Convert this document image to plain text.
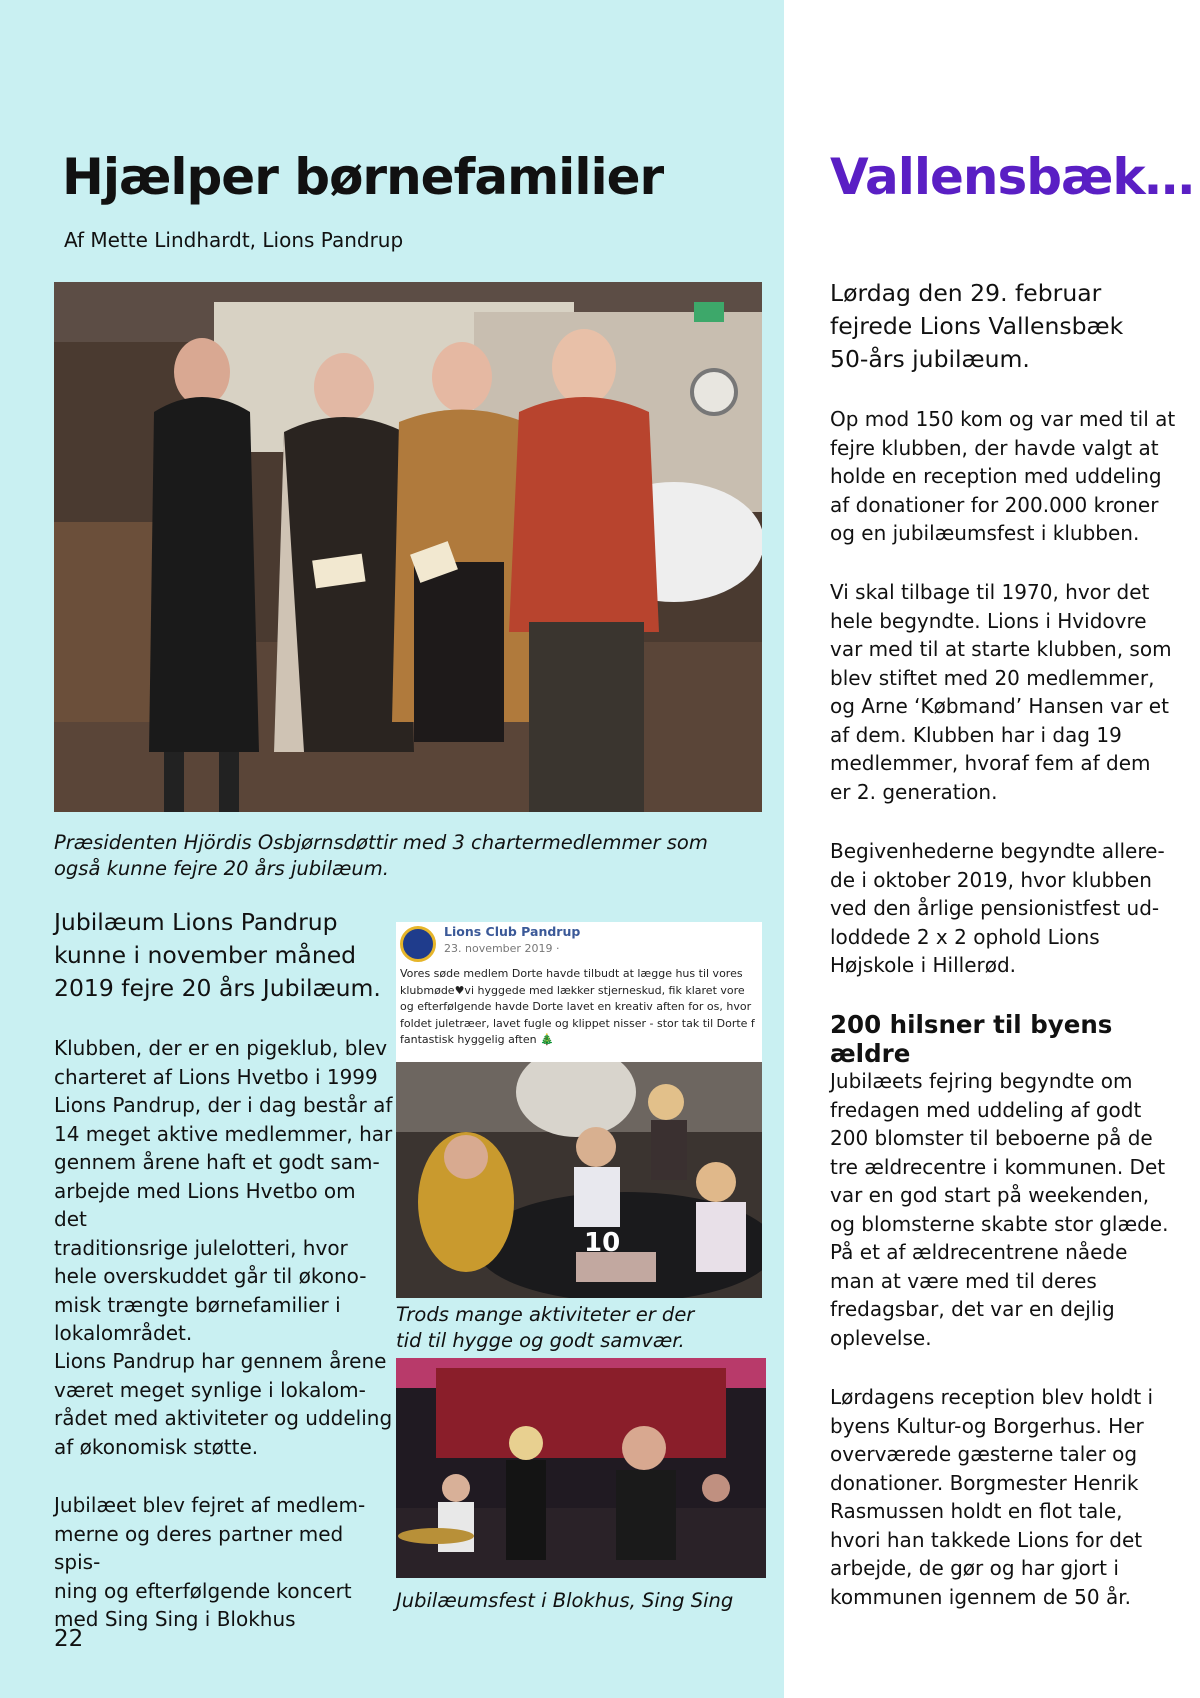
Hjælper børnefamilier
Af Mette Lindhardt, Lions Pandrup

Præsidenten Hjördis Osbjørnsdøttir med 3 chartermedlemmer som
også kunne fejre 20 års jubilæum.

Jubilæum Lions Pandrup
kunne i november måned
2019 fejre 20 års Jubilæum.

Klubben, der er en pigeklub, blev
charteret af Lions Hvetbo i 1999
Lions Pandrup, der i dag består af
14 meget aktive medlemmer, har
gennem årene haft et godt sam-
arbejde med Lions Hvetbo om det
traditionsrige julelotteri, hvor
hele overskuddet går til økono-
misk trængte børnefamilier i
lokalområdet.

Lions Pandrup har gennem årene
været meget synlige i lokalom-
rådet med aktiviteter og uddeling
af økonomisk støtte.

Jubilæet blev fejret af medlem-
merne og deres partner med spis-
ning og efterfølgende koncert
med Sing Sing i Blokhus

Lions Club Pandrup
23. november 2019 ·
Vores søde medlem Dorte havde tilbudt at lægge hus til vores
klubmøde♥vi hyggede med lækker stjerneskud, fik klaret vore
og efterfølgende havde Dorte lavet en kreativ aften for os, hvor
foldet juletræer, lavet fugle og klippet nisser - stor tak til Dorte f
fantastisk hyggelig aften 🎄
10

Trods mange aktiviteter er der
tid til hygge og godt samvær.

Jubilæumsfest i Blokhus, Sing Sing

22
Vallensbæk…

Lørdag den 29. februar
fejrede Lions Vallensbæk
50-års jubilæum.

Op mod 150 kom og var med til at
fejre klubben, der havde valgt at
holde en reception med uddeling
af donationer for 200.000 kroner
og en jubilæumsfest i klubben.

Vi skal tilbage til 1970, hvor det
hele begyndte. Lions i Hvidovre
var med til at starte klubben, som
blev stiftet med 20 medlemmer,
og Arne ‘Købmand’ Hansen var et
af dem. Klubben har i dag 19
medlemmer, hvoraf fem af dem
er 2. generation.

Begivenhederne begyndte allere-
de i oktober 2019, hvor klubben
ved den årlige pensionistfest ud-
loddede 2 x 2 ophold Lions
Højskole i Hillerød.

200 hilsner til byens ældre

Jubilæets fejring begyndte om
fredagen med uddeling af godt
200 blomster til beboerne på de
tre ældrecentre i kommunen. Det
var en god start på weekenden,
og blomsterne skabte stor glæde.
På et af ældrecentrene nåede
man at være med til deres
fredagsbar, det var en dejlig
oplevelse.

Lørdagens reception blev holdt i
byens Kultur-og Borgerhus. Her
overværede gæsterne taler og
donationer. Borgmester Henrik
Rasmussen holdt en flot tale,
hvori han takkede Lions for det
arbejde, de gør og har gjort i
kommunen igennem de 50 år.
